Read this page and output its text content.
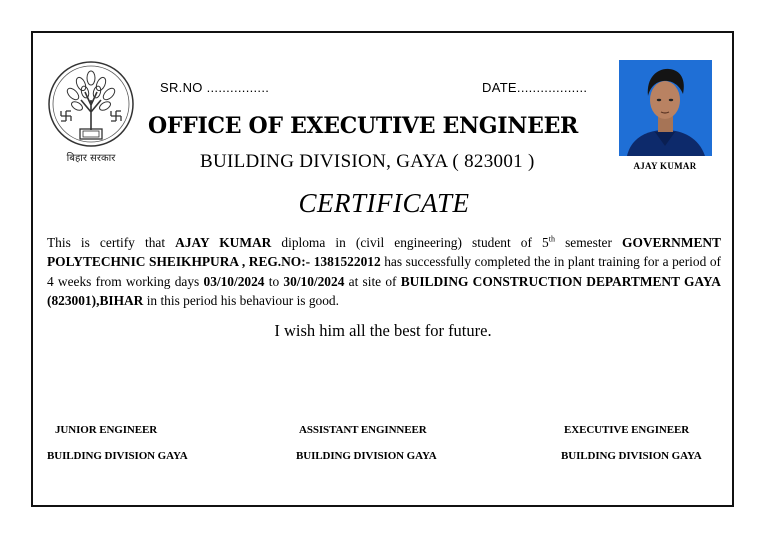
बिहार सरकार
SR.NO ................	DATE..................
OFFICE OF EXECUTIVE ENGINEER
BUILDING DIVISION, GAYA ( 823001 )	AJAY KUMAR
CERTIFICATE
This is certify that AJAY KUMAR diploma in (civil engineering) student of 5th semester GOVERNMENT POLYTECHNIC SHEIKHPURA , REG.NO:- 1381522012 has successfully completed the in plant training for a period of 4 weeks from working days 03/10/2024 to 30/10/2024 at site of BUILDING CONSTRUCTION DEPARTMENT GAYA (823001),BIHAR in this period his behaviour is good.
I wish him all the best for future.
JUNIOR ENGINEER
BUILDING DIVISION GAYA
ASSISTANT ENGINNEER
BUILDING DIVISION GAYA
EXECUTIVE ENGINEER
BUILDING DIVISION GAYA
